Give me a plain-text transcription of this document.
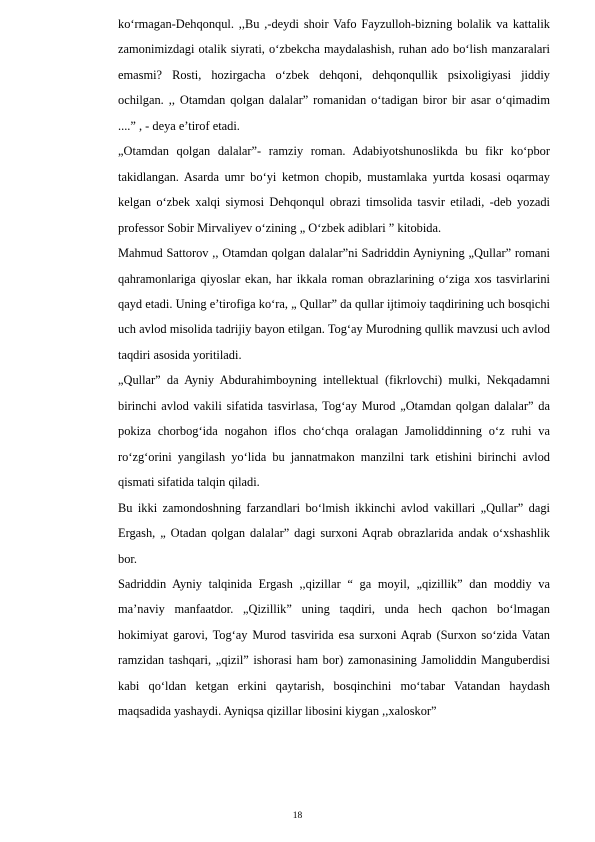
ko‘rmagan-Dehqonqul. ,,Bu ,-deydi shoir Vafo Fayzulloh-bizning bolalik va kattalik zamonimizdagi otalik siyrati, o‘zbekcha maydalashish, ruhan ado bo‘lish manzaralari emasmi? Rosti, hozirgacha o‘zbek dehqoni, dehqonqullik psixoligiyasi jiddiy ochilgan. ,, Otamdan qolgan dalalar” romanidan o‘tadigan biror bir asar o‘qimadim ....” , - deya e’tirof etadi.

„Otamdan qolgan dalalar”- ramziy roman. Adabiyotshunoslikda bu fikr ko‘pbor takidlangan. Asarda umr bo‘yi ketmon chopib, mustamlaka yurtda kosasi oqarmay kelgan o‘zbek xalqi siymosi Dehqonqul obrazi timsolida tasvir etiladi, -deb yozadi professor Sobir Mirvaliyev o‘zining „ O‘zbek adiblari ” kitobida.

Mahmud Sattorov ,, Otamdan qolgan dalalar”ni Sadriddin Ayniyning „Qullar” romani qahramonlariga qiyoslar ekan, har ikkala roman obrazlarining o‘ziga xos tasvirlarini qayd etadi. Uning e’tirofiga ko‘ra, „ Qullar” da qullar ijtimoiy taqdirining uch bosqichi uch avlod misolida tadrijiy bayon etilgan. Tog‘ay Murodning qullik mavzusi uch avlod taqdiri asosida yoritiladi.

„Qullar” da Ayniy Abdurahimboyning intellektual (fikrlovchi) mulki, Nekqadamni birinchi avlod vakili sifatida tasvirlasa, Tog‘ay Murod „Otamdan qolgan dalalar” da pokiza chorbog‘ida nogahon iflos cho‘chqa oralagan Jamoliddinning o‘z ruhi va ro‘zg‘orini yangilash yo‘lida bu jannatmakon manzilni tark etishini birinchi avlod qismati sifatida talqin qiladi.

Bu ikki zamondoshning farzandlari bo‘lmish ikkinchi avlod vakillari „Qullar” dagi Ergash, „ Otadan qolgan dalalar” dagi surxoni Aqrab obrazlarida andak o‘xshashlik bor.

Sadriddin Ayniy talqinida Ergash ,,qizillar “ ga moyil, „qizillik” dan moddiy va ma’naviy manfaatdor. „Qizillik” uning taqdiri, unda hech qachon bo‘lmagan hokimiyat garovi, Tog‘ay Murod tasvirida esa surxoni Aqrab (Surxon so‘zida Vatan ramzidan tashqari, „qizil” ishorasi ham bor) zamonasining Jamoliddin Manguberdisi kabi qo‘ldan ketgan erkini qaytarish, bosqinchini mo‘tabar Vatandan haydash maqsadida yashaydi. Ayniqsa qizillar libosini kiygan ,,xaloskor”

18
